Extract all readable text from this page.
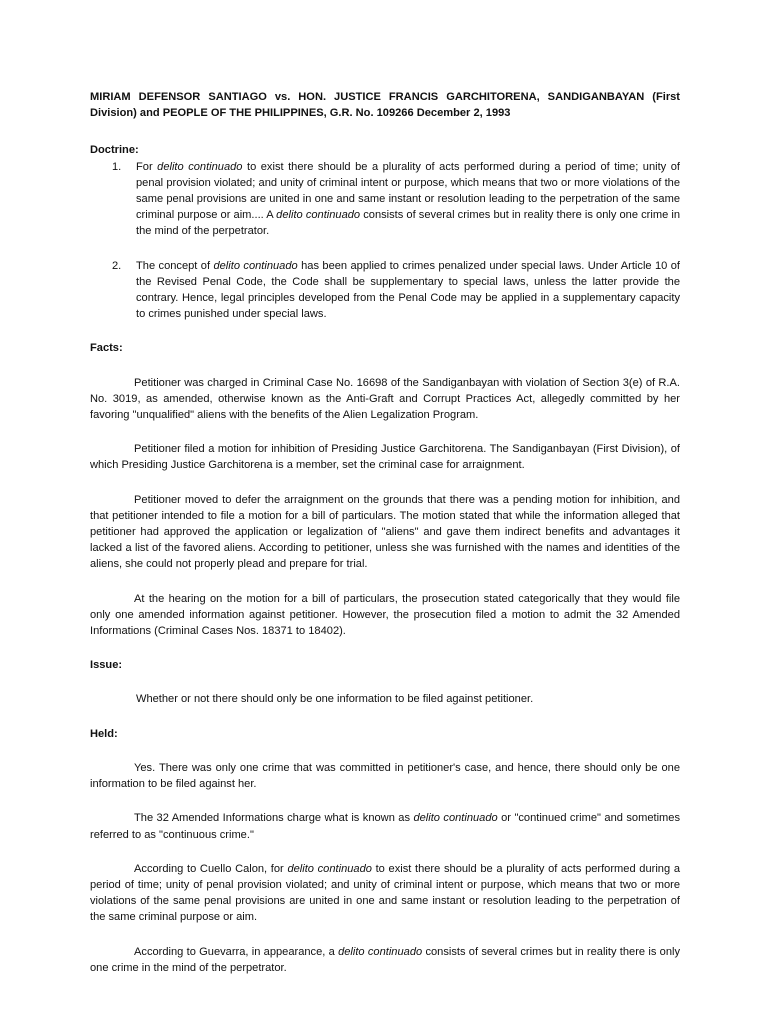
MIRIAM DEFENSOR SANTIAGO vs. HON. JUSTICE FRANCIS GARCHITORENA, SANDIGANBAYAN (First Division) and PEOPLE OF THE PHILIPPINES, G.R. No. 109266 December 2, 1993

Doctrine:
1. For delito continuado to exist there should be a plurality of acts performed during a period of time; unity of penal provision violated; and unity of criminal intent or purpose, which means that two or more violations of the same penal provisions are united in one and same instant or resolution leading to the perpetration of the same criminal purpose or aim.... A delito continuado consists of several crimes but in reality there is only one crime in the mind of the perpetrator.
2. The concept of delito continuado has been applied to crimes penalized under special laws. Under Article 10 of the Revised Penal Code, the Code shall be supplementary to special laws, unless the latter provide the contrary. Hence, legal principles developed from the Penal Code may be applied in a supplementary capacity to crimes punished under special laws.
Facts:

Petitioner was charged in Criminal Case No. 16698 of the Sandiganbayan with violation of Section 3(e) of R.A. No. 3019, as amended, otherwise known as the Anti-Graft and Corrupt Practices Act, allegedly committed by her favoring "unqualified" aliens with the benefits of the Alien Legalization Program.

Petitioner filed a motion for inhibition of Presiding Justice Garchitorena. The Sandiganbayan (First Division), of which Presiding Justice Garchitorena is a member, set the criminal case for arraignment.

Petitioner moved to defer the arraignment on the grounds that there was a pending motion for inhibition, and that petitioner intended to file a motion for a bill of particulars. The motion stated that while the information alleged that petitioner had approved the application or legalization of "aliens" and gave them indirect benefits and advantages it lacked a list of the favored aliens. According to petitioner, unless she was furnished with the names and identities of the aliens, she could not properly plead and prepare for trial.

At the hearing on the motion for a bill of particulars, the prosecution stated categorically that they would file only one amended information against petitioner. However, the prosecution filed a motion to admit the 32 Amended Informations (Criminal Cases Nos. 18371 to 18402).

Issue:

Whether or not there should only be one information to be filed against petitioner.

Held:

Yes. There was only one crime that was committed in petitioner's case, and hence, there should only be one information to be filed against her.

The 32 Amended Informations charge what is known as delito continuado or "continued crime" and sometimes referred to as "continuous crime."

According to Cuello Calon, for delito continuado to exist there should be a plurality of acts performed during a period of time; unity of penal provision violated; and unity of criminal intent or purpose, which means that two or more violations of the same penal provisions are united in one and same instant or resolution leading to the perpetration of the same criminal purpose or aim.

According to Guevarra, in appearance, a delito continuado consists of several crimes but in reality there is only one crime in the mind of the perpetrator.
